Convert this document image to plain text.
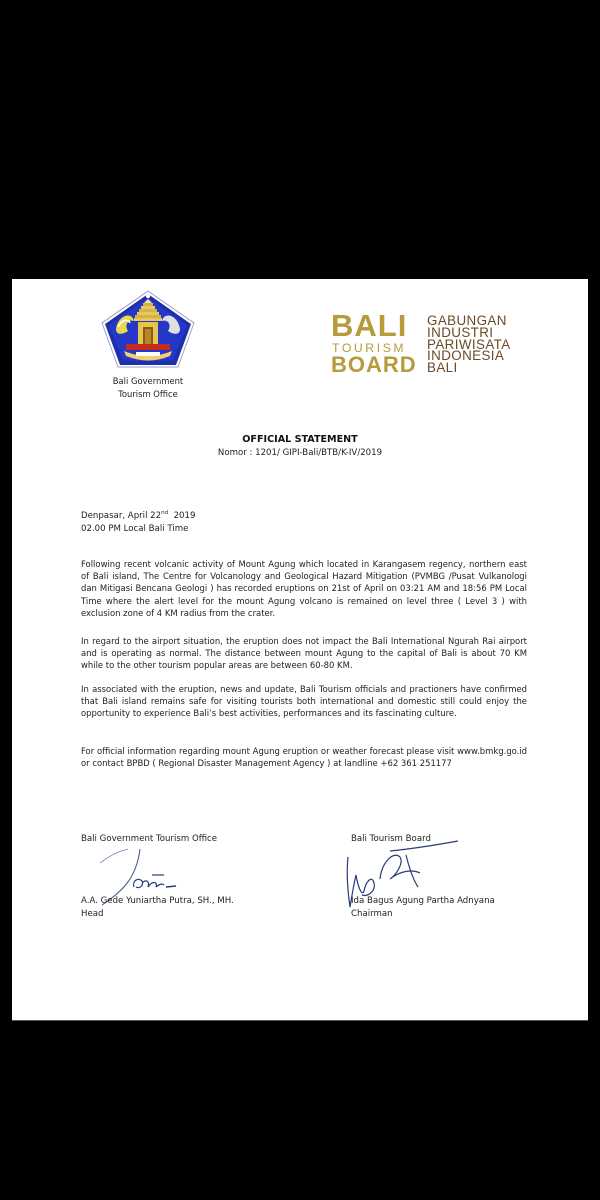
Bali Government
Tourism Office
BALI
TOURISM
BOARD
GABUNGAN
INDUSTRI
PARIWISATA
INDONESIA
BALI
OFFICIAL STATEMENT
Nomor : 1201/ GIPI-Bali/BTB/K-IV/2019
Denpasar, April 22nd 2019
02.00 PM Local Bali Time
Following recent volcanic activity of Mount Agung which located in Karangasem regency, northern east of Bali island, The Centre for Volcanology and Geological Hazard Mitigation (PVMBG /Pusat Vulkanologi dan Mitigasi Bencana Geologi ) has recorded eruptions on 21st of April on 03:21 AM and 18:56 PM Local Time where the alert level for the mount Agung volcano is remained on level three ( Level 3 ) with exclusion zone of 4 KM radius from the crater.
In regard to the airport situation, the eruption does not impact the Bali International Ngurah Rai airport and is operating as normal. The distance between mount Agung to the capital of Bali is about 70 KM while to the other tourism popular areas are between 60-80 KM.
In associated with the eruption, news and update, Bali Tourism officials and practioners have confirmed that Bali island remains safe for visiting tourists both international and domestic still could enjoy the opportunity to experience Bali’s best activities, performances and its fascinating culture.
For official information regarding mount Agung eruption or weather forecast please visit www.bmkg.go.id or contact BPBD ( Regional Disaster Management Agency ) at landline +62 361 251177
Bali Government Tourism Office
A.A. Gede Yuniartha Putra, SH., MH.
Head
Bali Tourism Board
Ida Bagus Agung Partha Adnyana
Chairman
